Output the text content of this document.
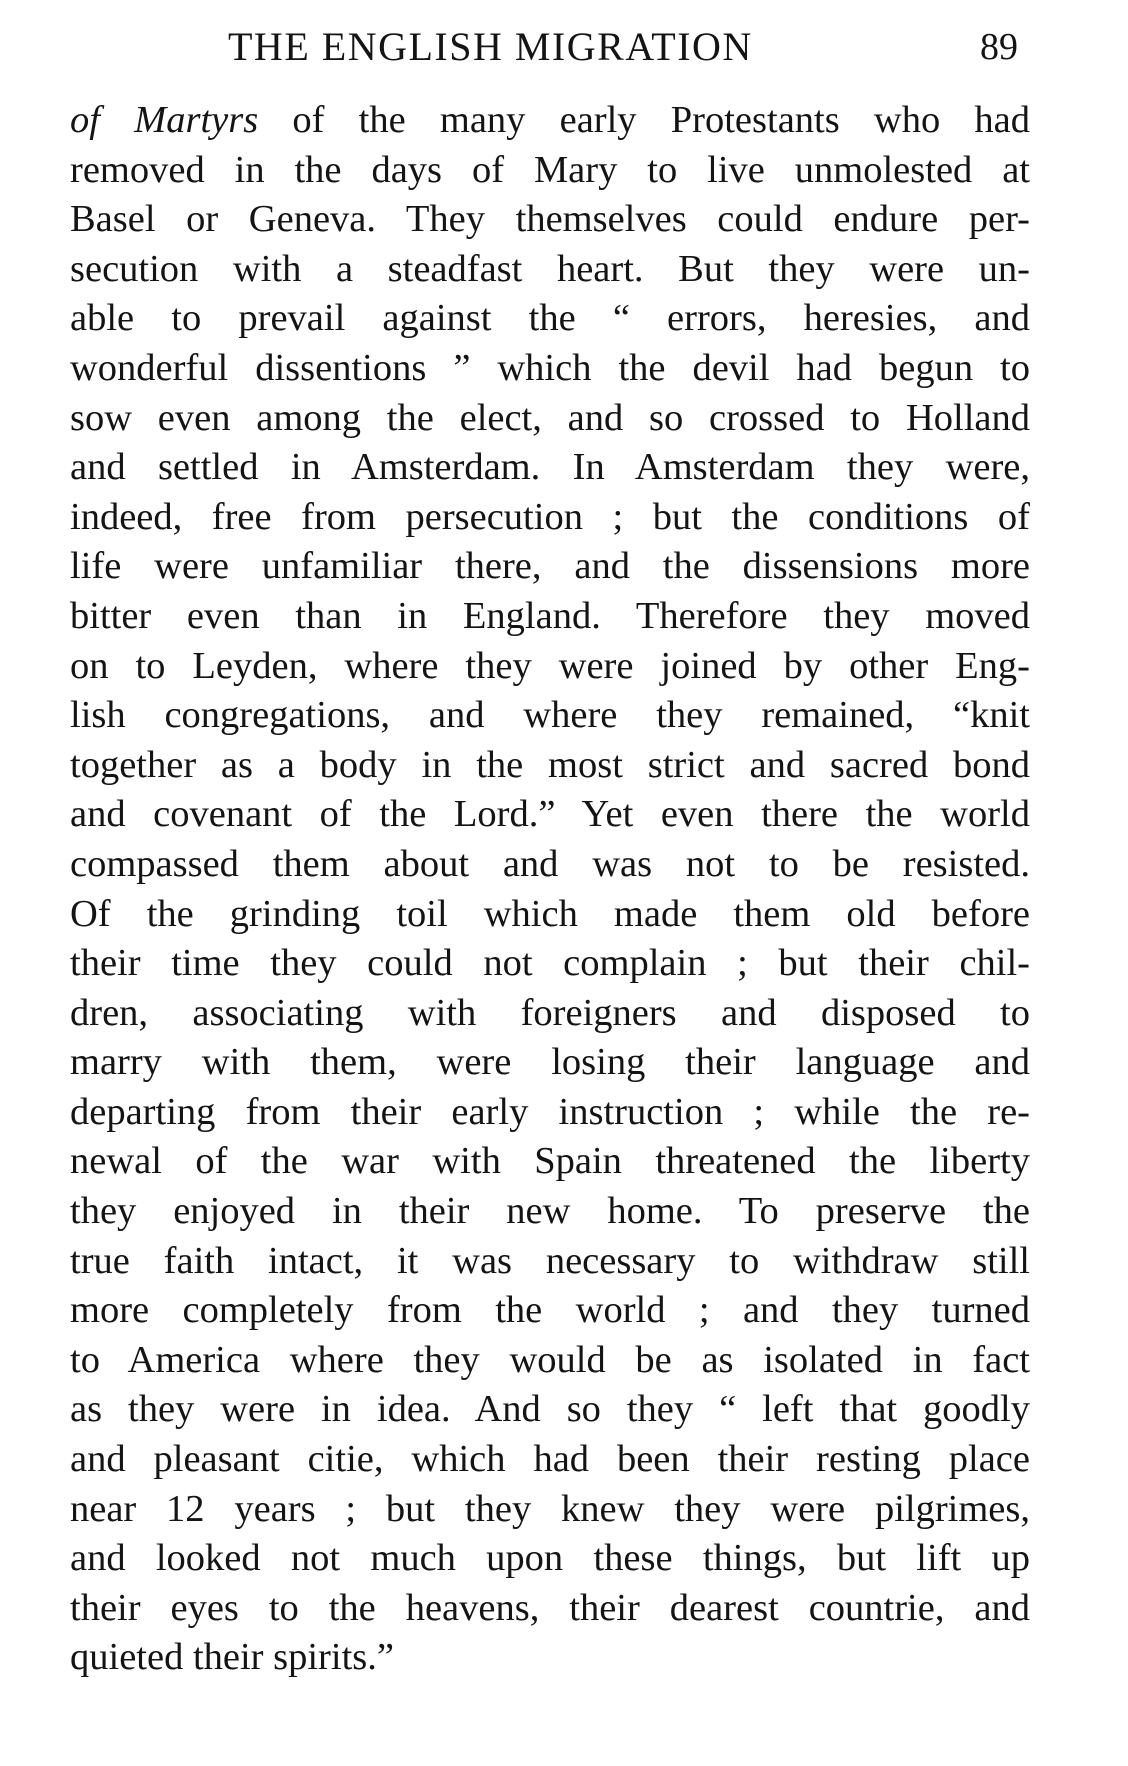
THE ENGLISH MIGRATION	89
of Martyrs of the many early Protestants who had
removed in the days of Mary to live unmolested at
Basel or Geneva. They themselves could endure per-
secution with a steadfast heart. But they were un-
able to prevail against the “ errors, heresies, and
wonderful dissentions ” which the devil had begun to
sow even among the elect, and so crossed to Holland
and settled in Amsterdam. In Amsterdam they were,
indeed, free from persecution ; but the conditions of
life were unfamiliar there, and the dissensions more
bitter even than in England. Therefore they moved
on to Leyden, where they were joined by other Eng-
lish congregations, and where they remained, “knit
together as a body in the most strict and sacred bond
and covenant of the Lord.” Yet even there the world
compassed them about and was not to be resisted.
Of the grinding toil which made them old before
their time they could not complain ; but their chil-
dren, associating with foreigners and disposed to
marry with them, were losing their language and
departing from their early instruction ; while the re-
newal of the war with Spain threatened the liberty
they enjoyed in their new home. To preserve the
true faith intact, it was necessary to withdraw still
more completely from the world ; and they turned
to America where they would be as isolated in fact
as they were in idea. And so they “ left that goodly
and pleasant citie, which had been their resting place
near 12 years ; but they knew they were pilgrimes,
and looked not much upon these things, but lift up
their eyes to the heavens, their dearest countrie, and
quieted their spirits.”
